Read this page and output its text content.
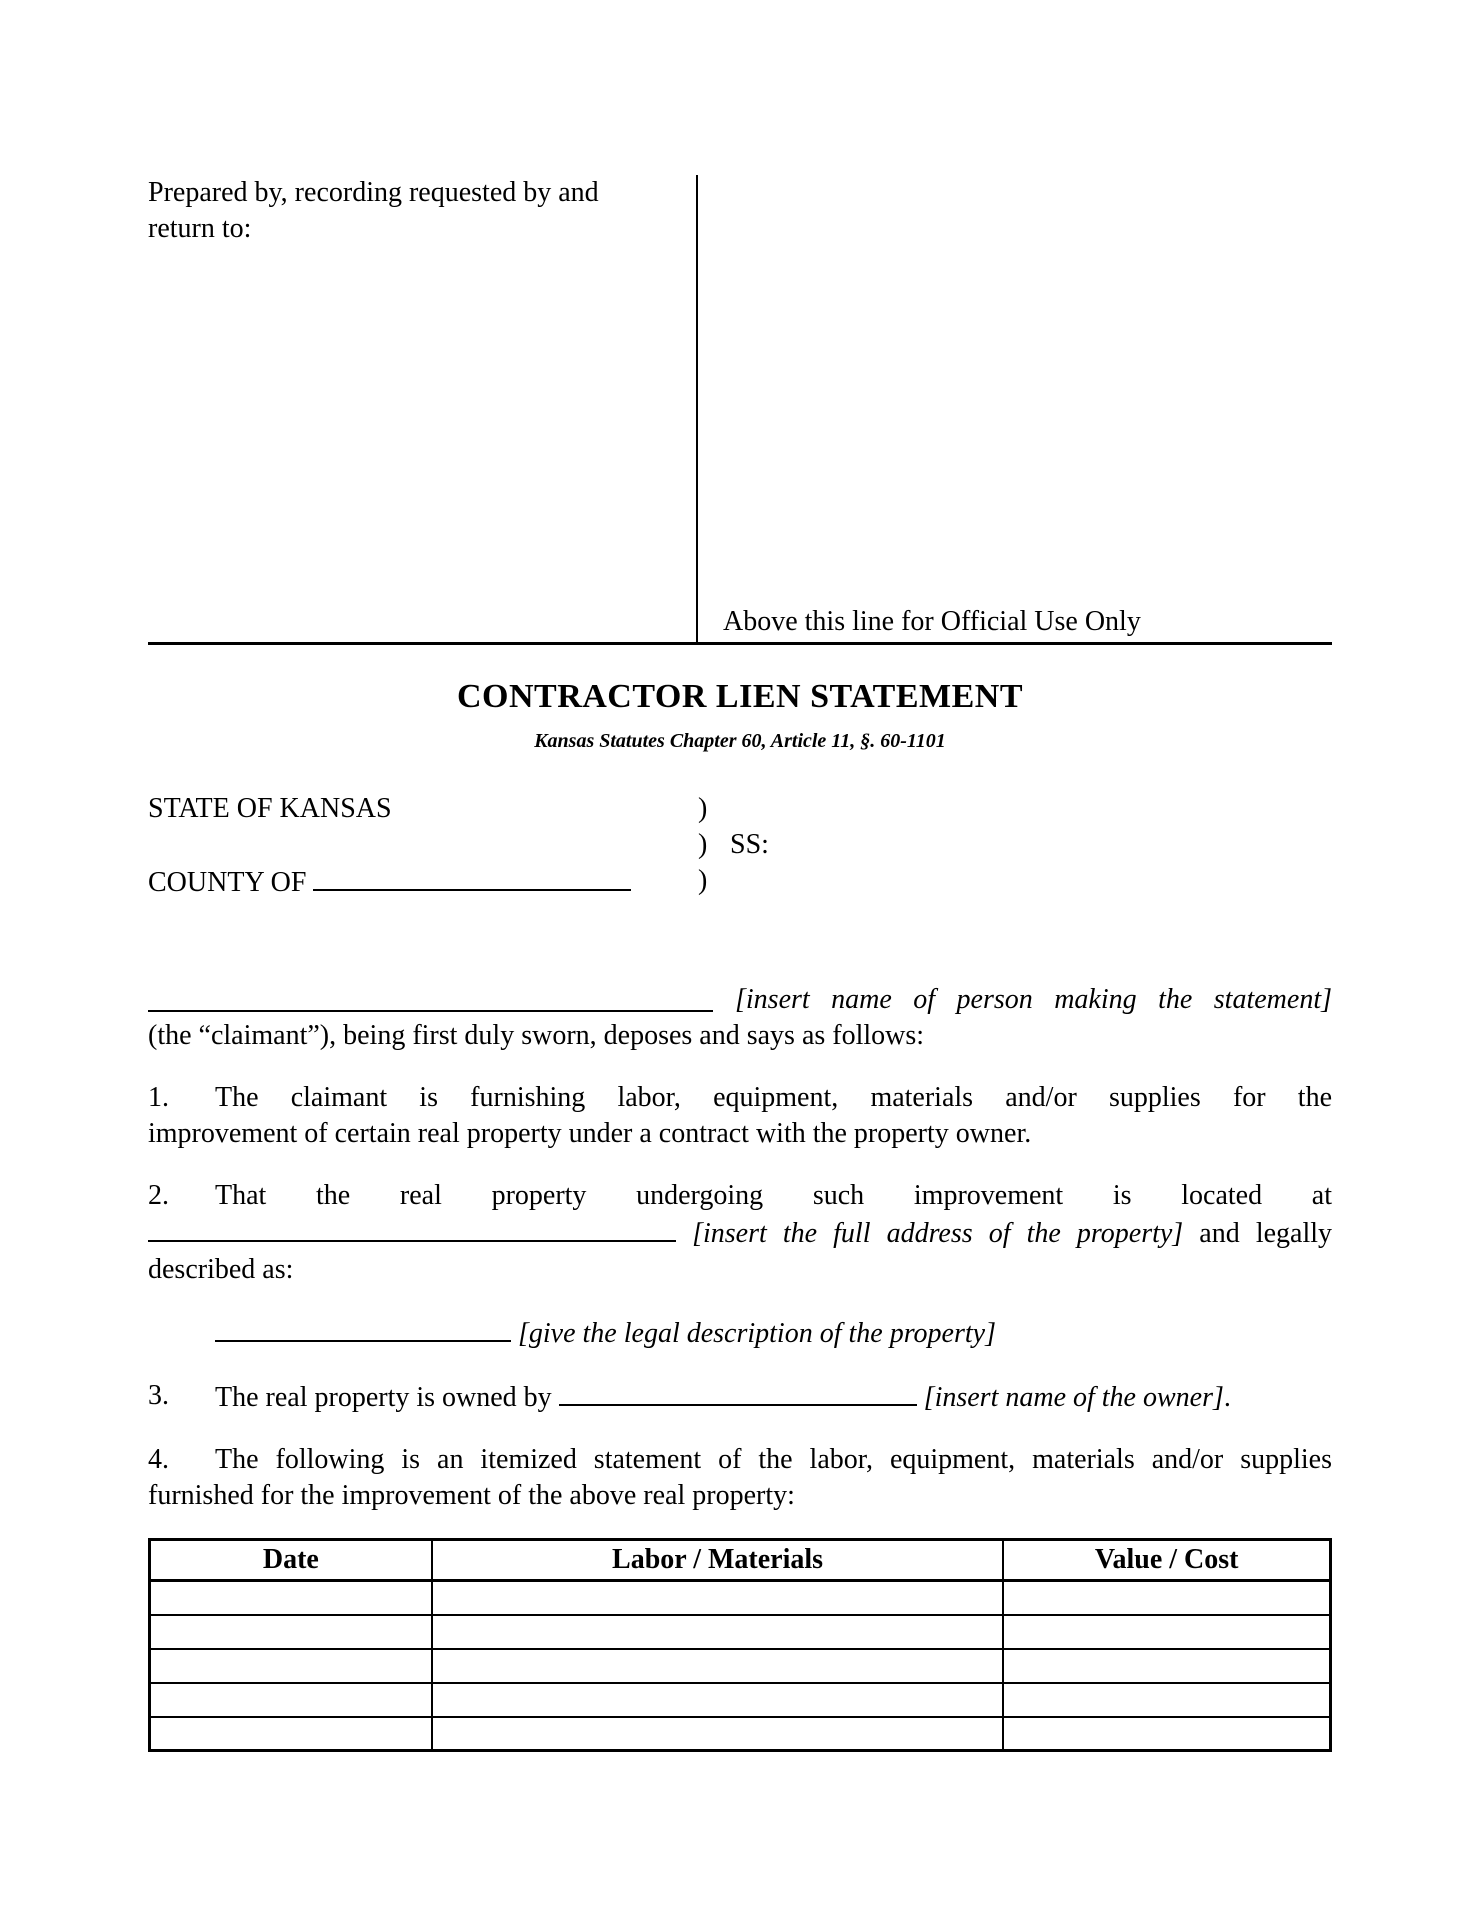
Prepared by, recording requested by and return to:
Above this line for Official Use Only
CONTRACTOR LIEN STATEMENT
Kansas Statutes Chapter 60, Article 11, §. 60-1101
STATE OF KANSAS	)
) SS:
COUNTY OF	)
[insert name of person making the statement]
(the “claimant”), being first duly sworn, deposes and says as follows:
1.	The claimant is furnishing labor, equipment, materials and/or supplies for the
improvement of certain real property under a contract with the property owner.
2.	That the real property undergoing such improvement is located at
[insert the full address of the property] and legally
described as:
[give the legal description of the property]
3.	The real property is owned by	[insert name of the owner].
4.	The following is an itemized statement of the labor, equipment, materials and/or supplies
furnished for the improvement of the above real property:
Date	Labor / Materials	Value / Cost
